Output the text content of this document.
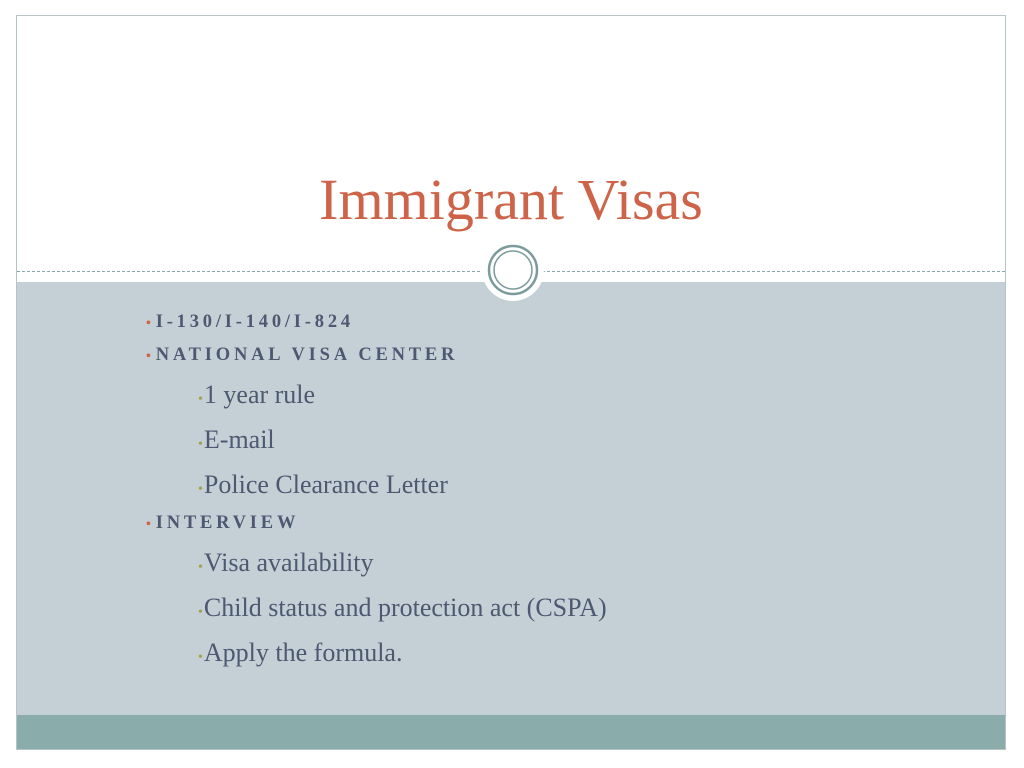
Immigrant Visas
•I-130/I-140/I-824
•NATIONAL VISA CENTER
•1 year rule
•E-mail
•Police Clearance Letter
•INTERVIEW
•Visa availability
•Child status and protection act (CSPA)
•Apply the formula.
